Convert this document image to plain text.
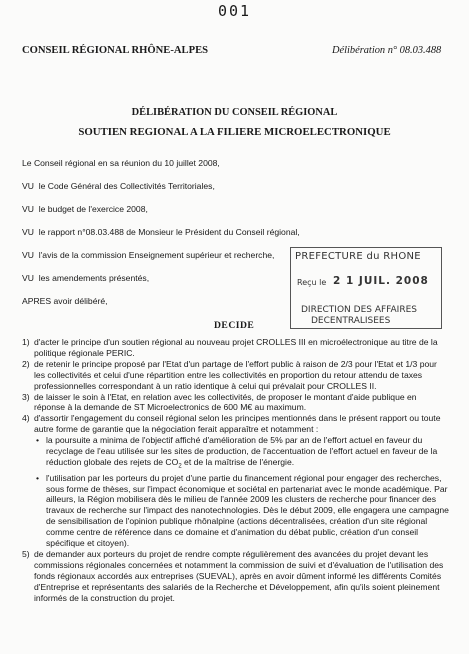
001
CONSEIL RÉGIONAL RHÔNE-ALPES	Délibération n° 08.03.488
DÉLIBÉRATION DU CONSEIL RÉGIONAL
SOUTIEN REGIONAL A LA FILIERE MICROELECTRONIQUE
Le Conseil régional en sa réunion du 10 juillet 2008,
VU le Code Général des Collectivités Territoriales,
VU le budget de l'exercice 2008,
VU le rapport n°08.03.488 de Monsieur le Président du Conseil régional,
VU l'avis de la commission Enseignement supérieur et recherche,
VU les amendements présentés,
APRES avoir délibéré,
PREFECTURE du RHONE
Reçu le 2 1 JUIL. 2008
DIRECTION DES AFFAIRES
DECENTRALISEES
DECIDE
1) d'acter le principe d'un soutien régional au nouveau projet CROLLES III en microélectronique au titre de la politique régionale PERIC.

2) de retenir le principe proposé par l'Etat d'un partage de l'effort public à raison de 2/3 pour l'Etat et 1/3 pour les collectivités et celui d'une répartition entre les collectivités en proportion du retour attendu de taxes professionnelles correspondant à un ratio identique à celui qui prévalait pour CROLLES II.

3) de laisser le soin à l'Etat, en relation avec les collectivités, de proposer le montant d'aide publique en réponse à la demande de ST Microelectronics de 600 M€ au maximum.

4) d'assortir l'engagement du conseil régional selon les principes mentionnés dans le présent rapport ou toute autre forme de garantie que la négociation ferait apparaître et notamment :

• la poursuite a minima de l'objectif affiché d'amélioration de 5% par an de l'effort actuel en faveur du recyclage de l'eau utilisée sur les sites de production, de l'accentuation de l'effort actuel en faveur de la réduction globale des rejets de $CO_2$ et de la maîtrise de l'énergie.

• l'utilisation par les porteurs du projet d'une partie du financement régional pour engager des recherches, sous forme de thèses, sur l'impact économique et sociétal en partenariat avec le monde académique. Par ailleurs, la Région mobilisera dès le milieu de l'année 2009 les clusters de recherche pour financer des travaux de recherche sur l'impact des nanotechnologies. Dès le début 2009, elle engagera une campagne de sensibilisation de l'opinion publique rhônalpine (actions décentralisées, création d'un site régional comme centre de référence dans ce domaine et d'animation du débat public, création d'un conseil spécifique et citoyen).

5) de demander aux porteurs du projet de rendre compte régulièrement des avancées du projet devant les commissions régionales concernées et notamment la commission de suivi et d'évaluation de l'utilisation des fonds régionaux accordés aux entreprises (SUEVAL), après en avoir dûment informé les différents Comités d'Entreprise et représentants des salariés de la Recherche et Développement, afin qu'ils soient pleinement informés de la construction du projet.
